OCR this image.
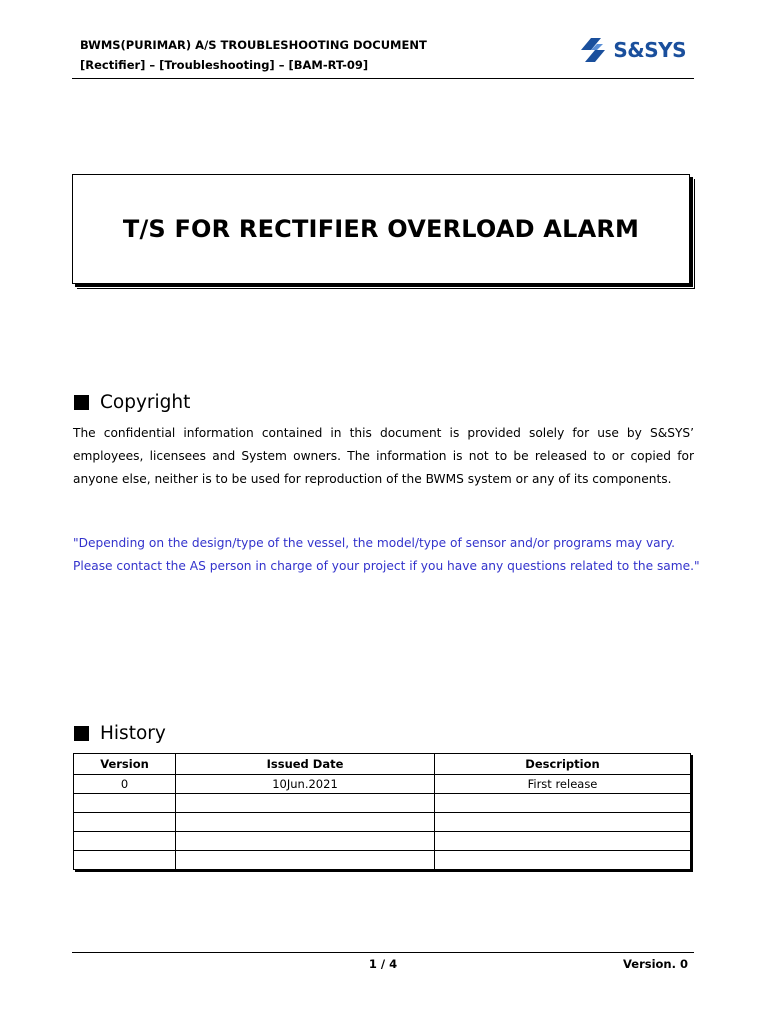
BWMS(PURIMAR) A/S TROUBLESHOOTING DOCUMENT
[Rectifier] – [Troubleshooting] – [BAM-RT-09]
S&SYS
T/S FOR RECTIFIER OVERLOAD ALARM
Copyright
The confidential information contained in this document is provided solely for use by S&SYS’ employees, licensees and System owners. The information is not to be released to or copied for anyone else, neither is to be used for reproduction of the BWMS system or any of its components.
"Depending on the design/type of the vessel, the model/type of sensor and/or programs may vary.
Please contact the AS person in charge of your project if you have any questions related to the same."
History
Version	Issued Date	Description
0	10Jun.2021	First release

1 / 4	Version. 0
